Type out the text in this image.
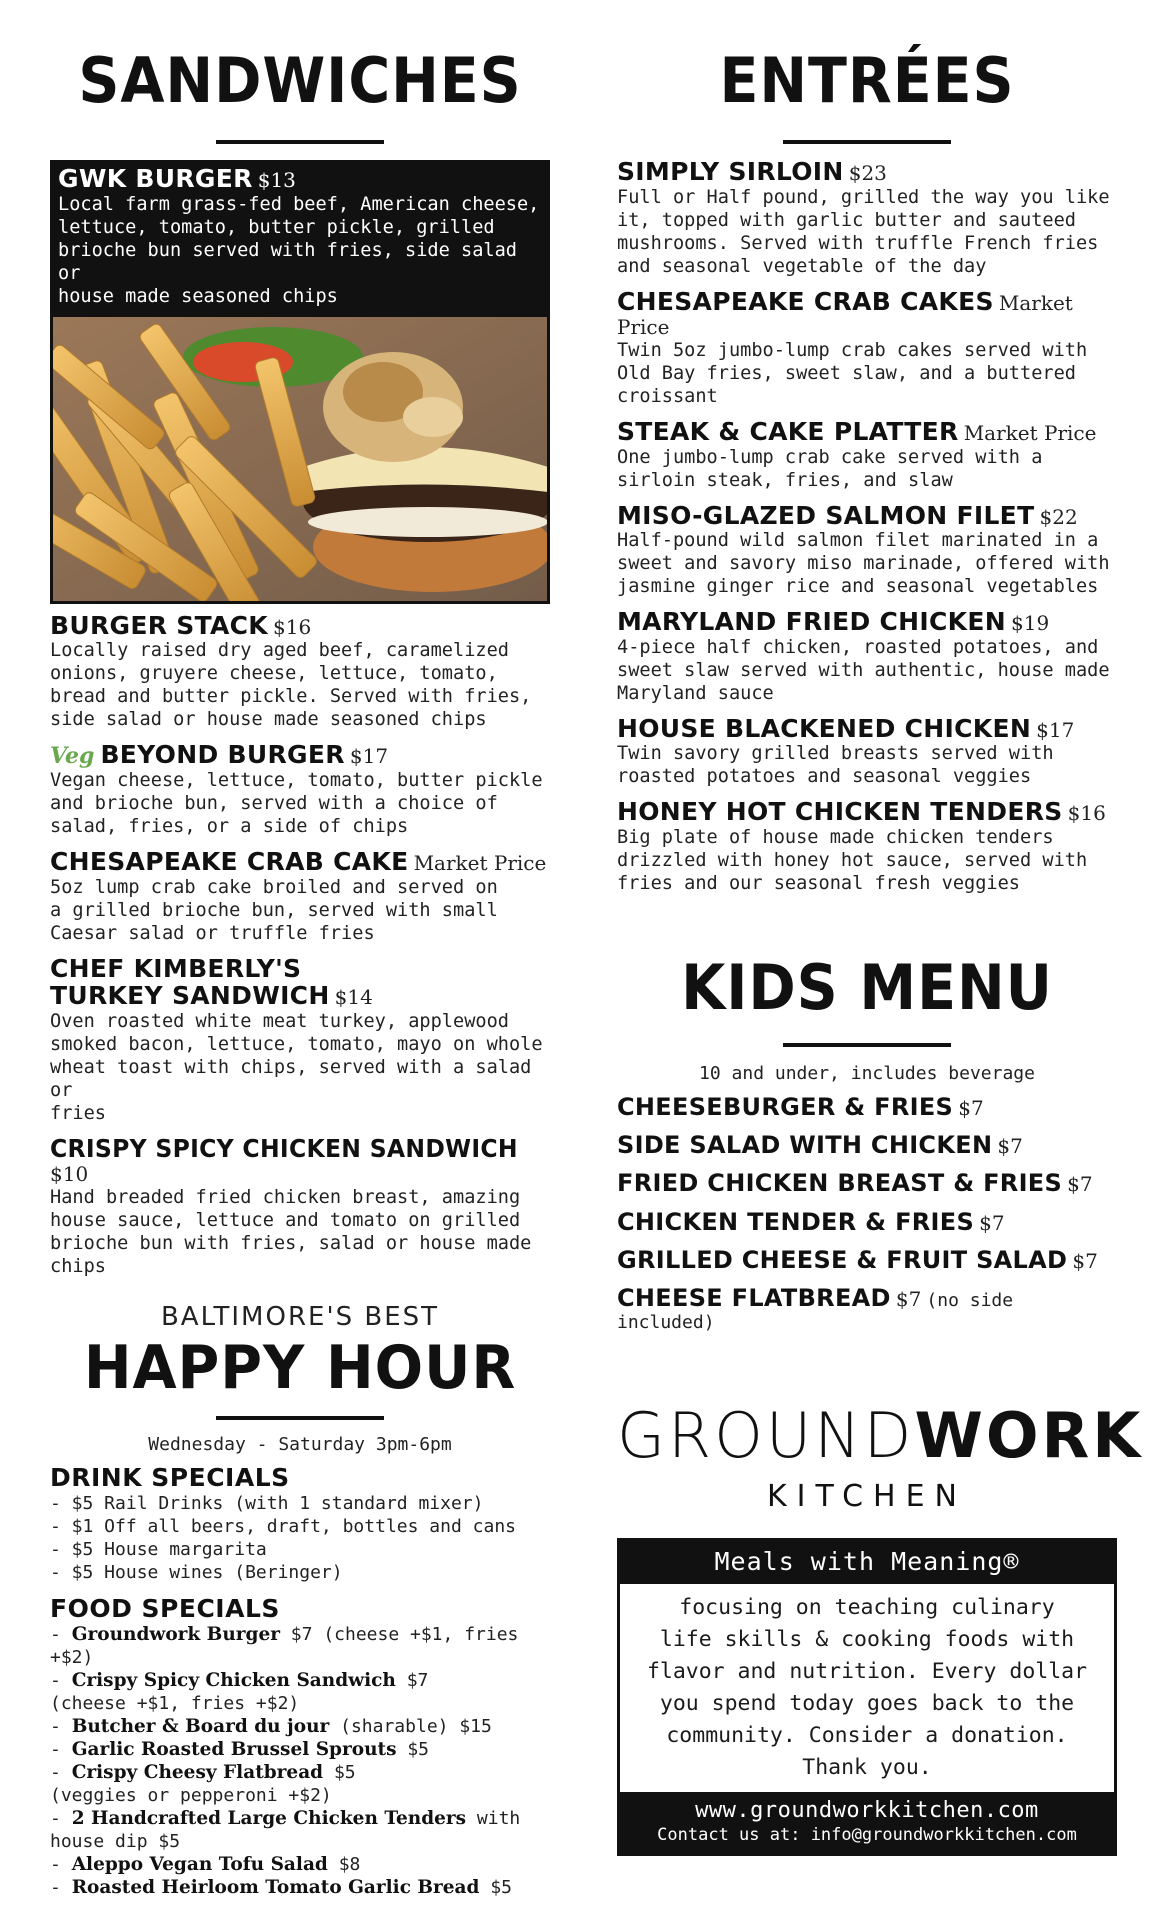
SANDWICHES
GWK BURGER $13
Local farm grass-fed beef, American cheese,
lettuce, tomato, butter pickle, grilled
brioche bun served with fries, side salad or
house made seasoned chips
BURGER STACK $16
Locally raised dry aged beef, caramelized
onions, gruyere cheese, lettuce, tomato,
bread and butter pickle. Served with fries,
side salad or house made seasoned chips
Veg BEYOND BURGER $17
Vegan cheese, lettuce, tomato, butter pickle
and brioche bun, served with a choice of
salad, fries, or a side of chips
CHESAPEAKE CRAB CAKE Market Price
5oz lump crab cake broiled and served on
a grilled brioche bun, served with small
Caesar salad or truffle fries
CHEF KIMBERLY'S
TURKEY SANDWICH $14
Oven roasted white meat turkey, applewood
smoked bacon, lettuce, tomato, mayo on whole
wheat toast with chips, served with a salad or
fries
CRISPY SPICY CHICKEN SANDWICH $10
Hand breaded fried chicken breast, amazing
house sauce, lettuce and tomato on grilled
brioche bun with fries, salad or house made
chips
BALTIMORE'S BEST
HAPPY HOUR
Wednesday - Saturday 3pm-6pm
DRINK SPECIALS
- $5 Rail Drinks (with 1 standard mixer)
- $1 Off all beers, draft, bottles and cans
- $5 House margarita
- $5 House wines (Beringer)
FOOD SPECIALS
- Groundwork Burger $7 (cheese +$1, fries +$2)
- Crispy Spicy Chicken Sandwich $7
(cheese +$1, fries +$2)
- Butcher & Board du jour (sharable) $15
- Garlic Roasted Brussel Sprouts $5
- Crispy Cheesy Flatbread $5
(veggies or pepperoni +$2)
- 2 Handcrafted Large Chicken Tenders with
house dip $5
- Aleppo Vegan Tofu Salad $8
- Roasted Heirloom Tomato Garlic Bread $5
ENTRÉES
SIMPLY SIRLOIN $23
Full or Half pound, grilled the way you like
it, topped with garlic butter and sauteed
mushrooms. Served with truffle French fries
and seasonal vegetable of the day
CHESAPEAKE CRAB CAKES Market Price
Twin 5oz jumbo-lump crab cakes served with
Old Bay fries, sweet slaw, and a buttered
croissant
STEAK & CAKE PLATTER Market Price
One jumbo-lump crab cake served with a
sirloin steak, fries, and slaw
MISO-GLAZED SALMON FILET $22
Half-pound wild salmon filet marinated in a
sweet and savory miso marinade, offered with
jasmine ginger rice and seasonal vegetables
MARYLAND FRIED CHICKEN $19
4-piece half chicken, roasted potatoes, and
sweet slaw served with authentic, house made
Maryland sauce
HOUSE BLACKENED CHICKEN $17
Twin savory grilled breasts served with
roasted potatoes and seasonal veggies
HONEY HOT CHICKEN TENDERS $16
Big plate of house made chicken tenders
drizzled with honey hot sauce, served with
fries and our seasonal fresh veggies
KIDS MENU
10 and under, includes beverage
CHEESEBURGER & FRIES $7
SIDE SALAD WITH CHICKEN $7
FRIED CHICKEN BREAST & FRIES $7
CHICKEN TENDER & FRIES $7
GRILLED CHEESE & FRUIT SALAD $7
CHEESE FLATBREAD $7 (no side included)
GROUNDWORK
KITCHEN
Meals with Meaning®
focusing on teaching culinary
life skills & cooking foods with
flavor and nutrition. Every dollar
you spend today goes back to the
community. Consider a donation.
Thank you.
www.groundworkkitchen.com
Contact us at: info@groundworkkitchen.com
